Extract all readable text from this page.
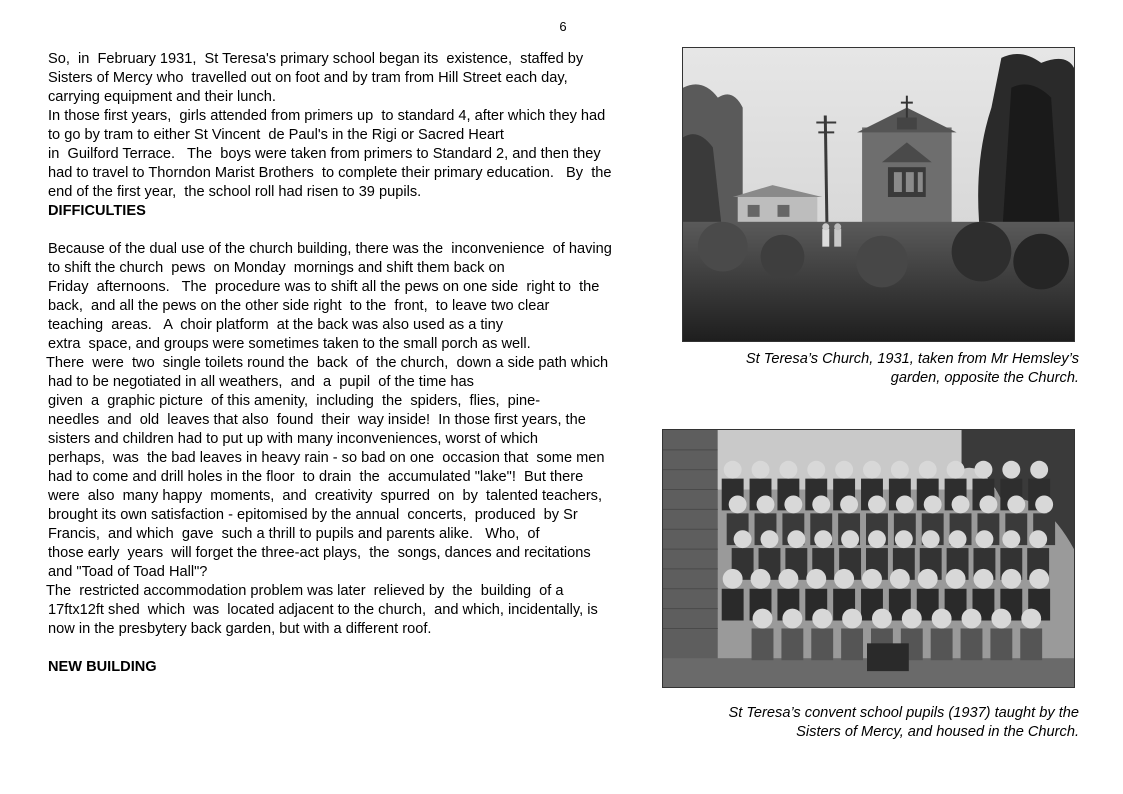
6
So,  in  February 1931,  St Teresa's primary school began its  existence,  staffed by
Sisters of Mercy who  travelled out on foot and by tram from Hill Street each day,
carrying equipment and their lunch.
In those first years,  girls attended from primers up  to standard 4, after which they had
to go by tram to either St Vincent  de Paul's in the Rigi or Sacred Heart
in  Guilford Terrace.   The  boys were taken from primers to Standard 2, and then they
had to travel to Thorndon Marist Brothers  to complete their primary education.   By  the
end of the first year,  the school roll had risen to 39 pupils.
DIFFICULTIES
Because of the dual use of the church building, there was the  inconvenience  of having
to shift the church  pews  on Monday  mornings and shift them back on
Friday  afternoons.   The  procedure was to shift all the pews on one side  right to  the
back,  and all the pews on the other side right  to the  front,  to leave two clear
teaching  areas.   A  choir platform  at the back was also used as a tiny
extra  space, and groups were sometimes taken to the small porch as well.
There  were  two  single toilets round the  back  of  the church,  down a side path which
had to be negotiated in all weathers,  and  a  pupil  of the time has
given  a  graphic picture  of this amenity,  including  the  spiders,  flies,  pine-
needles  and  old  leaves that also  found  their  way inside!  In those first years, the
sisters and children had to put up with many inconveniences, worst of which
perhaps,  was  the bad leaves in heavy rain - so bad on one  occasion that  some men
had to come and drill holes in the floor  to drain  the  accumulated "lake"!  But there
were  also  many happy  moments,  and  creativity  spurred  on  by  talented teachers,
brought its own satisfaction - epitomised by the annual  concerts,  produced  by Sr
Francis,  and which  gave  such a thrill to pupils and parents alike.   Who,  of
those early  years  will forget the three-act plays,  the  songs, dances and recitations
and "Toad of Toad Hall"?
The  restricted accommodation problem was later  relieved by  the  building  of a
17ftx12ft shed  which  was  located adjacent to the church,  and which, incidentally, is
now in the presbytery back garden, but with a different roof.
NEW BUILDING
St Teresa’s Church, 1931, taken from Mr Hemsley’s
garden, opposite the Church.
St Teresa’s convent school pupils (1937) taught by the
Sisters of Mercy, and housed in the Church.
